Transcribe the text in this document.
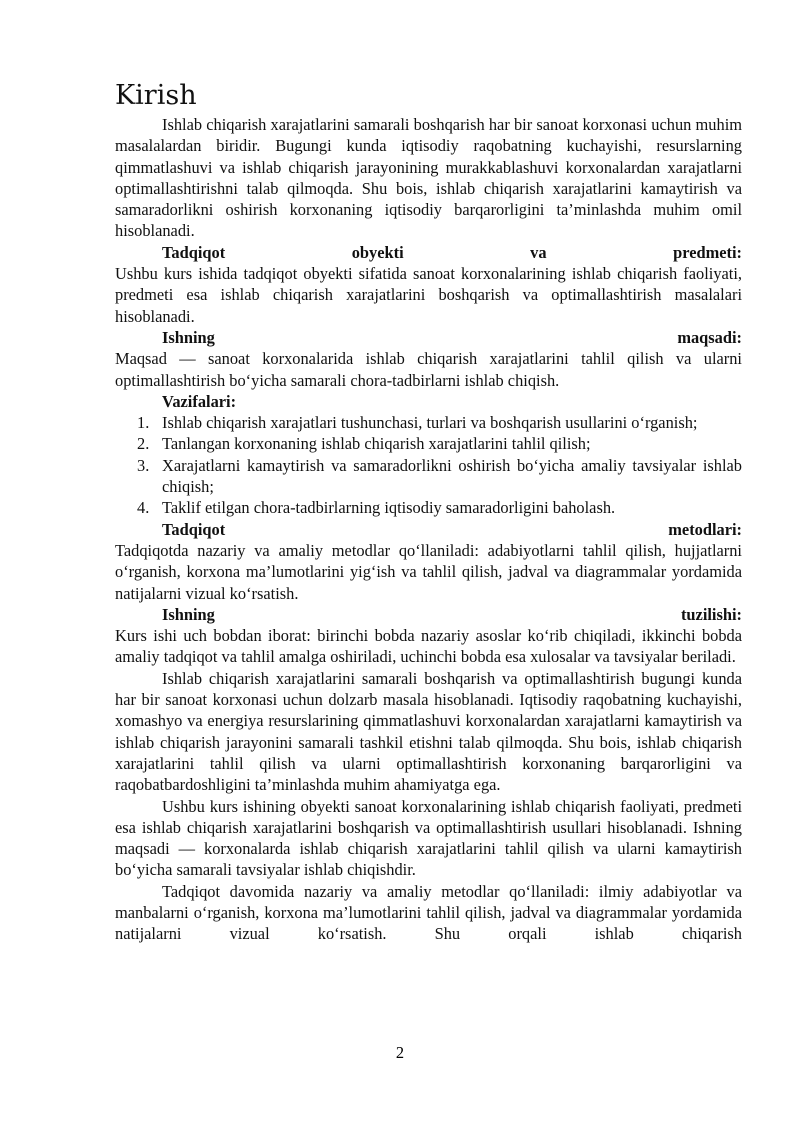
Kirish

Ishlab chiqarish xarajatlarini samarali boshqarish har bir sanoat korxonasi uchun muhim masalalardan biridir. Bugungi kunda iqtisodiy raqobatning kuchayishi, resurslarning qimmatlashuvi va ishlab chiqarish jarayonining murakkablashuvi korxonalardan xarajatlarni optimallashtirishni talab qilmoqda. Shu bois, ishlab chiqarish xarajatlarini kamaytirish va samaradorlikni oshirish korxonaning iqtisodiy barqarorligini ta’minlashda muhim omil hisoblanadi.

Tadqiqot	obyekti	va	predmeti:

Ushbu kurs ishida tadqiqot obyekti sifatida sanoat korxonalarining ishlab chiqarish faoliyati, predmeti esa ishlab chiqarish xarajatlarini boshqarish va optimallashtirish masalalari hisoblanadi.

Ishning	maqsadi:

Maqsad — sanoat korxonalarida ishlab chiqarish xarajatlarini tahlil qilish va ularni optimallashtirish bo‘yicha samarali chora-tadbirlarni ishlab chiqish.

Vazifalari:
1. Ishlab chiqarish xarajatlari tushunchasi, turlari va boshqarish usullarini o‘rganish;
2. Tanlangan korxonaning ishlab chiqarish xarajatlarini tahlil qilish;
3. Xarajatlarni kamaytirish va samaradorlikni oshirish bo‘yicha amaliy tavsiyalar ishlab chiqish;
4. Taklif etilgan chora-tadbirlarning iqtisodiy samaradorligini baholash.
Tadqiqot	metodlari:

Tadqiqotda nazariy va amaliy metodlar qo‘llaniladi: adabiyotlarni tahlil qilish, hujjatlarni o‘rganish, korxona ma’lumotlarini yig‘ish va tahlil qilish, jadval va diagrammalar yordamida natijalarni vizual ko‘rsatish.

Ishning	tuzilishi:

Kurs ishi uch bobdan iborat: birinchi bobda nazariy asoslar ko‘rib chiqiladi, ikkinchi bobda amaliy tadqiqot va tahlil amalga oshiriladi, uchinchi bobda esa xulosalar va tavsiyalar beriladi.

Ishlab chiqarish xarajatlarini samarali boshqarish va optimallashtirish bugungi kunda har bir sanoat korxonasi uchun dolzarb masala hisoblanadi. Iqtisodiy raqobatning kuchayishi, xomashyo va energiya resurslarining qimmatlashuvi korxonalardan xarajatlarni kamaytirish va ishlab chiqarish jarayonini samarali tashkil etishni talab qilmoqda. Shu bois, ishlab chiqarish xarajatlarini tahlil qilish va ularni optimallashtirish korxonaning barqarorligini va raqobatbardoshligini ta’minlashda muhim ahamiyatga ega.

Ushbu kurs ishining obyekti sanoat korxonalarining ishlab chiqarish faoliyati, predmeti esa ishlab chiqarish xarajatlarini boshqarish va optimallashtirish usullari hisoblanadi. Ishning maqsadi — korxonalarda ishlab chiqarish xarajatlarini tahlil qilish va ularni kamaytirish bo‘yicha samarali tavsiyalar ishlab chiqishdir.

Tadqiqot davomida nazariy va amaliy metodlar qo‘llaniladi: ilmiy adabiyotlar va manbalarni o‘rganish, korxona ma’lumotlarini tahlil qilish, jadval va diagrammalar yordamida natijalarni vizual ko‘rsatish. Shu orqali ishlab chiqarish

2
